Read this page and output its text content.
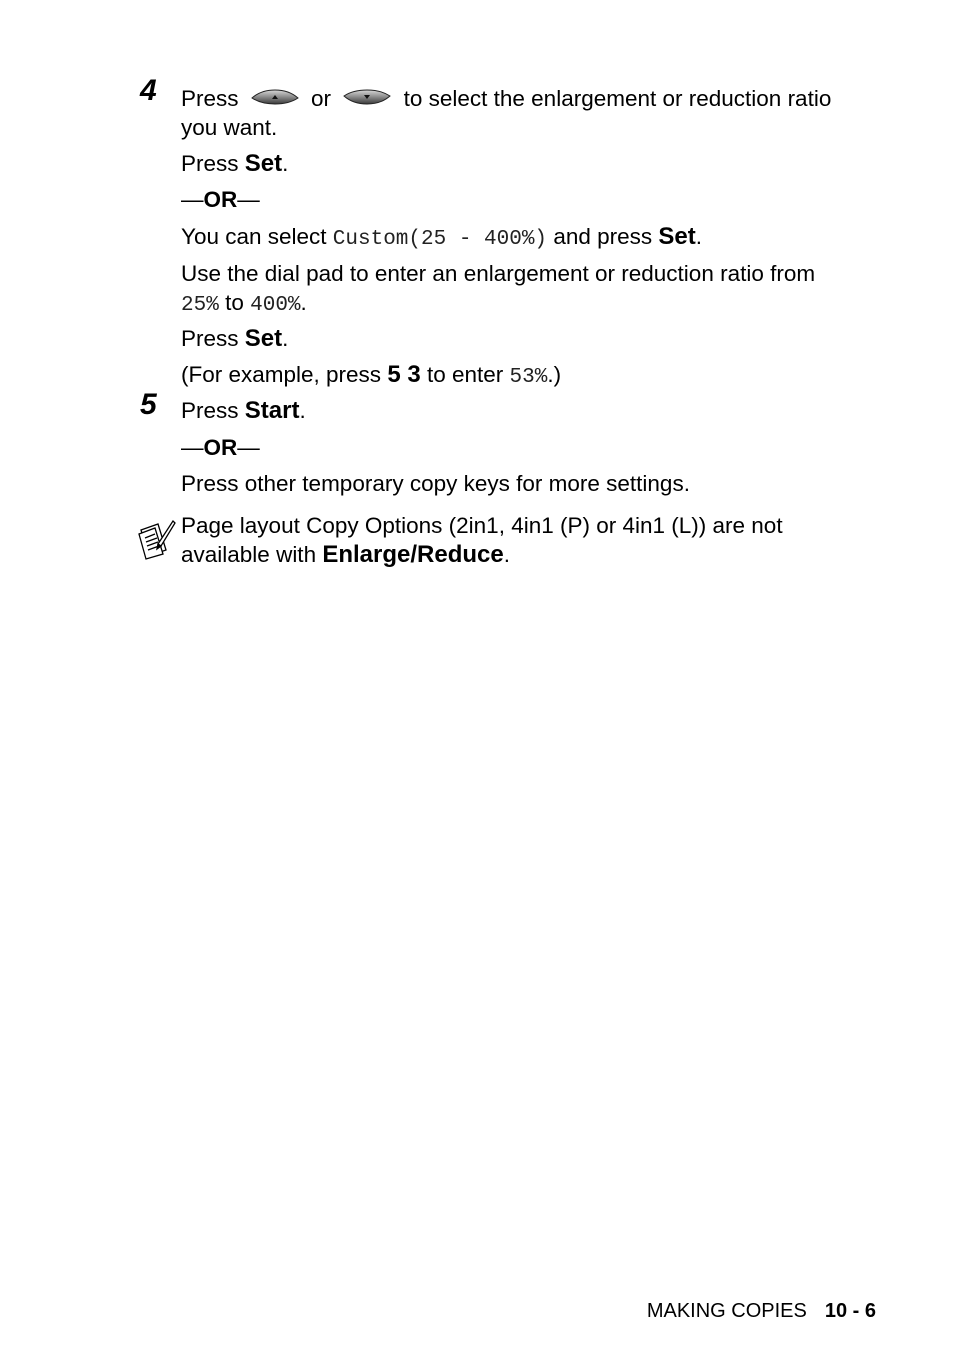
4 Press	or	to select the enlargement or reduction ratio
you want.
Press Set.
—OR—
You can select Custom(25 - 400%) and press Set.
Use the dial pad to enter an enlargement or reduction ratio from
25% to 400%.
Press Set.
(For example, press 5 3 to enter 53%.)
5 Press Start.
—OR—
Press other temporary copy keys for more settings.
Page layout Copy Options (2in1, 4in1 (P) or 4in1 (L)) are not
available with Enlarge/Reduce.
MAKING COPIES 10 - 6
